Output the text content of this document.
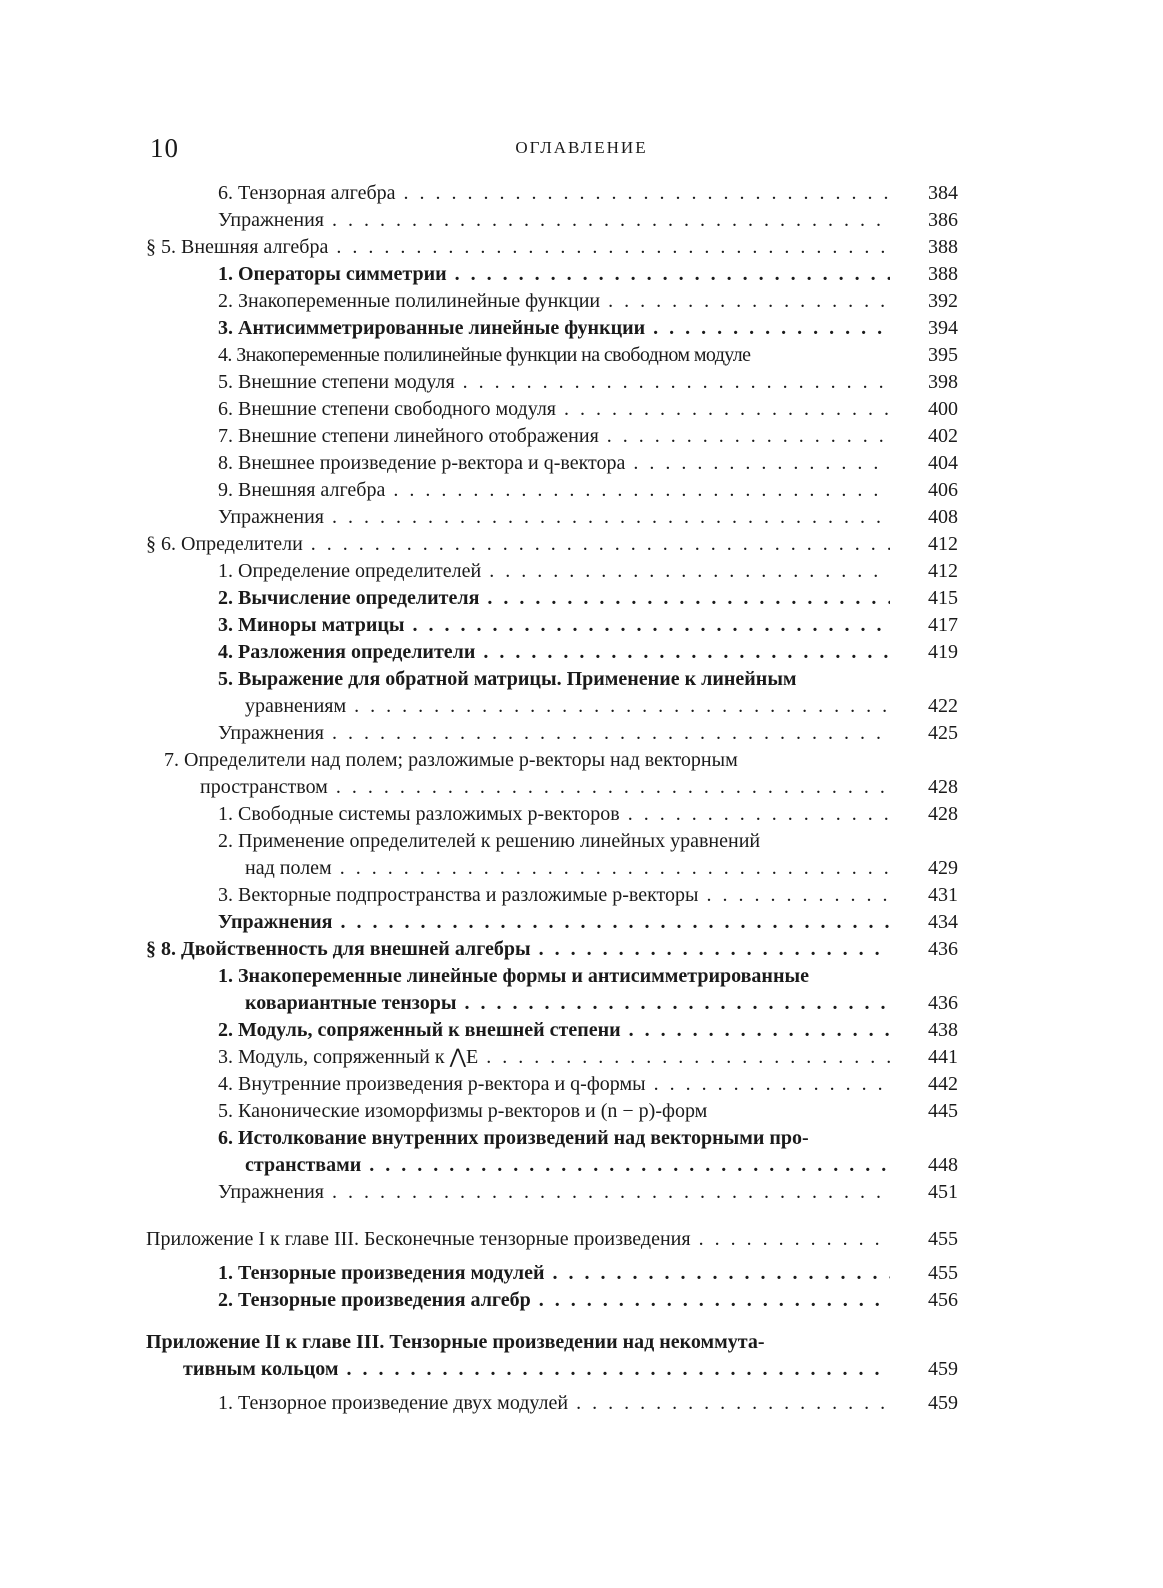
10	ОГЛАВЛЕНИЕ
6. Тензорная алгебра . . .	384
Упражнения . . .	386
§ 5. Внешняя алгебра . . .	388
1. Операторы симметрии . . .	388
2. Знакопеременные полилинейные функции . . .	392
3. Антисимметрированные линейные функции . . .	394
4. Знакопеременные полилинейные функции на свободном модуле	395
5. Внешние степени модуля . . .	398
6. Внешние степени свободного модуля . . .	400
7. Внешние степени линейного отображения . . .	402
8. Внешнее произведение p-вектора и q-вектора . . .	404
9. Внешняя алгебра . . .	406
Упражнения . . .	408
§ 6. Определители . . .	412
1. Определение определителей . . .	412
2. Вычисление определителя . . .	415
3. Миноры матрицы . . .	417
4. Разложения определители . . .	419
5. Выражение для обратной матрицы. Применение к линейным
уравнениям . . .	422
Упражнения . . .	425
7. Определители над полем; разложимые p-векторы над векторным
пространством . . .	428
1. Свободные системы разложимых p-векторов . . .	428
2. Применение определителей к решению линейных уравнений
над полем . . .	429
3. Векторные подпространства и разложимые p-векторы . . .	431
Упражнения . . .	434
§ 8. Двойственность для внешней алгебры . . .	436
1. Знакопеременные линейные формы и антисимметрированные
ковариантные тензоры . . .	436
2. Модуль, сопряженный к внешней степени . . .	438
3. Модуль, сопряженный к ⋀E . . .	441
4. Внутренние произведения p-вектора и q-формы . . .	442
5. Канонические изоморфизмы p-векторов и (n − p)-форм	445
6. Истолкование внутренних произведений над векторными про-
странствами . . .	448
Упражнения . . .	451
Приложение I к главе III. Бесконечные тензорные произведения . . .	455
1. Тензорные произведения модулей . . .	455
2. Тензорные произведения алгебр . . .	456
Приложение II к главе III. Тензорные произведении над некоммута-
тивным кольцом . . .	459
1. Тензорное произведение двух модулей . . .	459
